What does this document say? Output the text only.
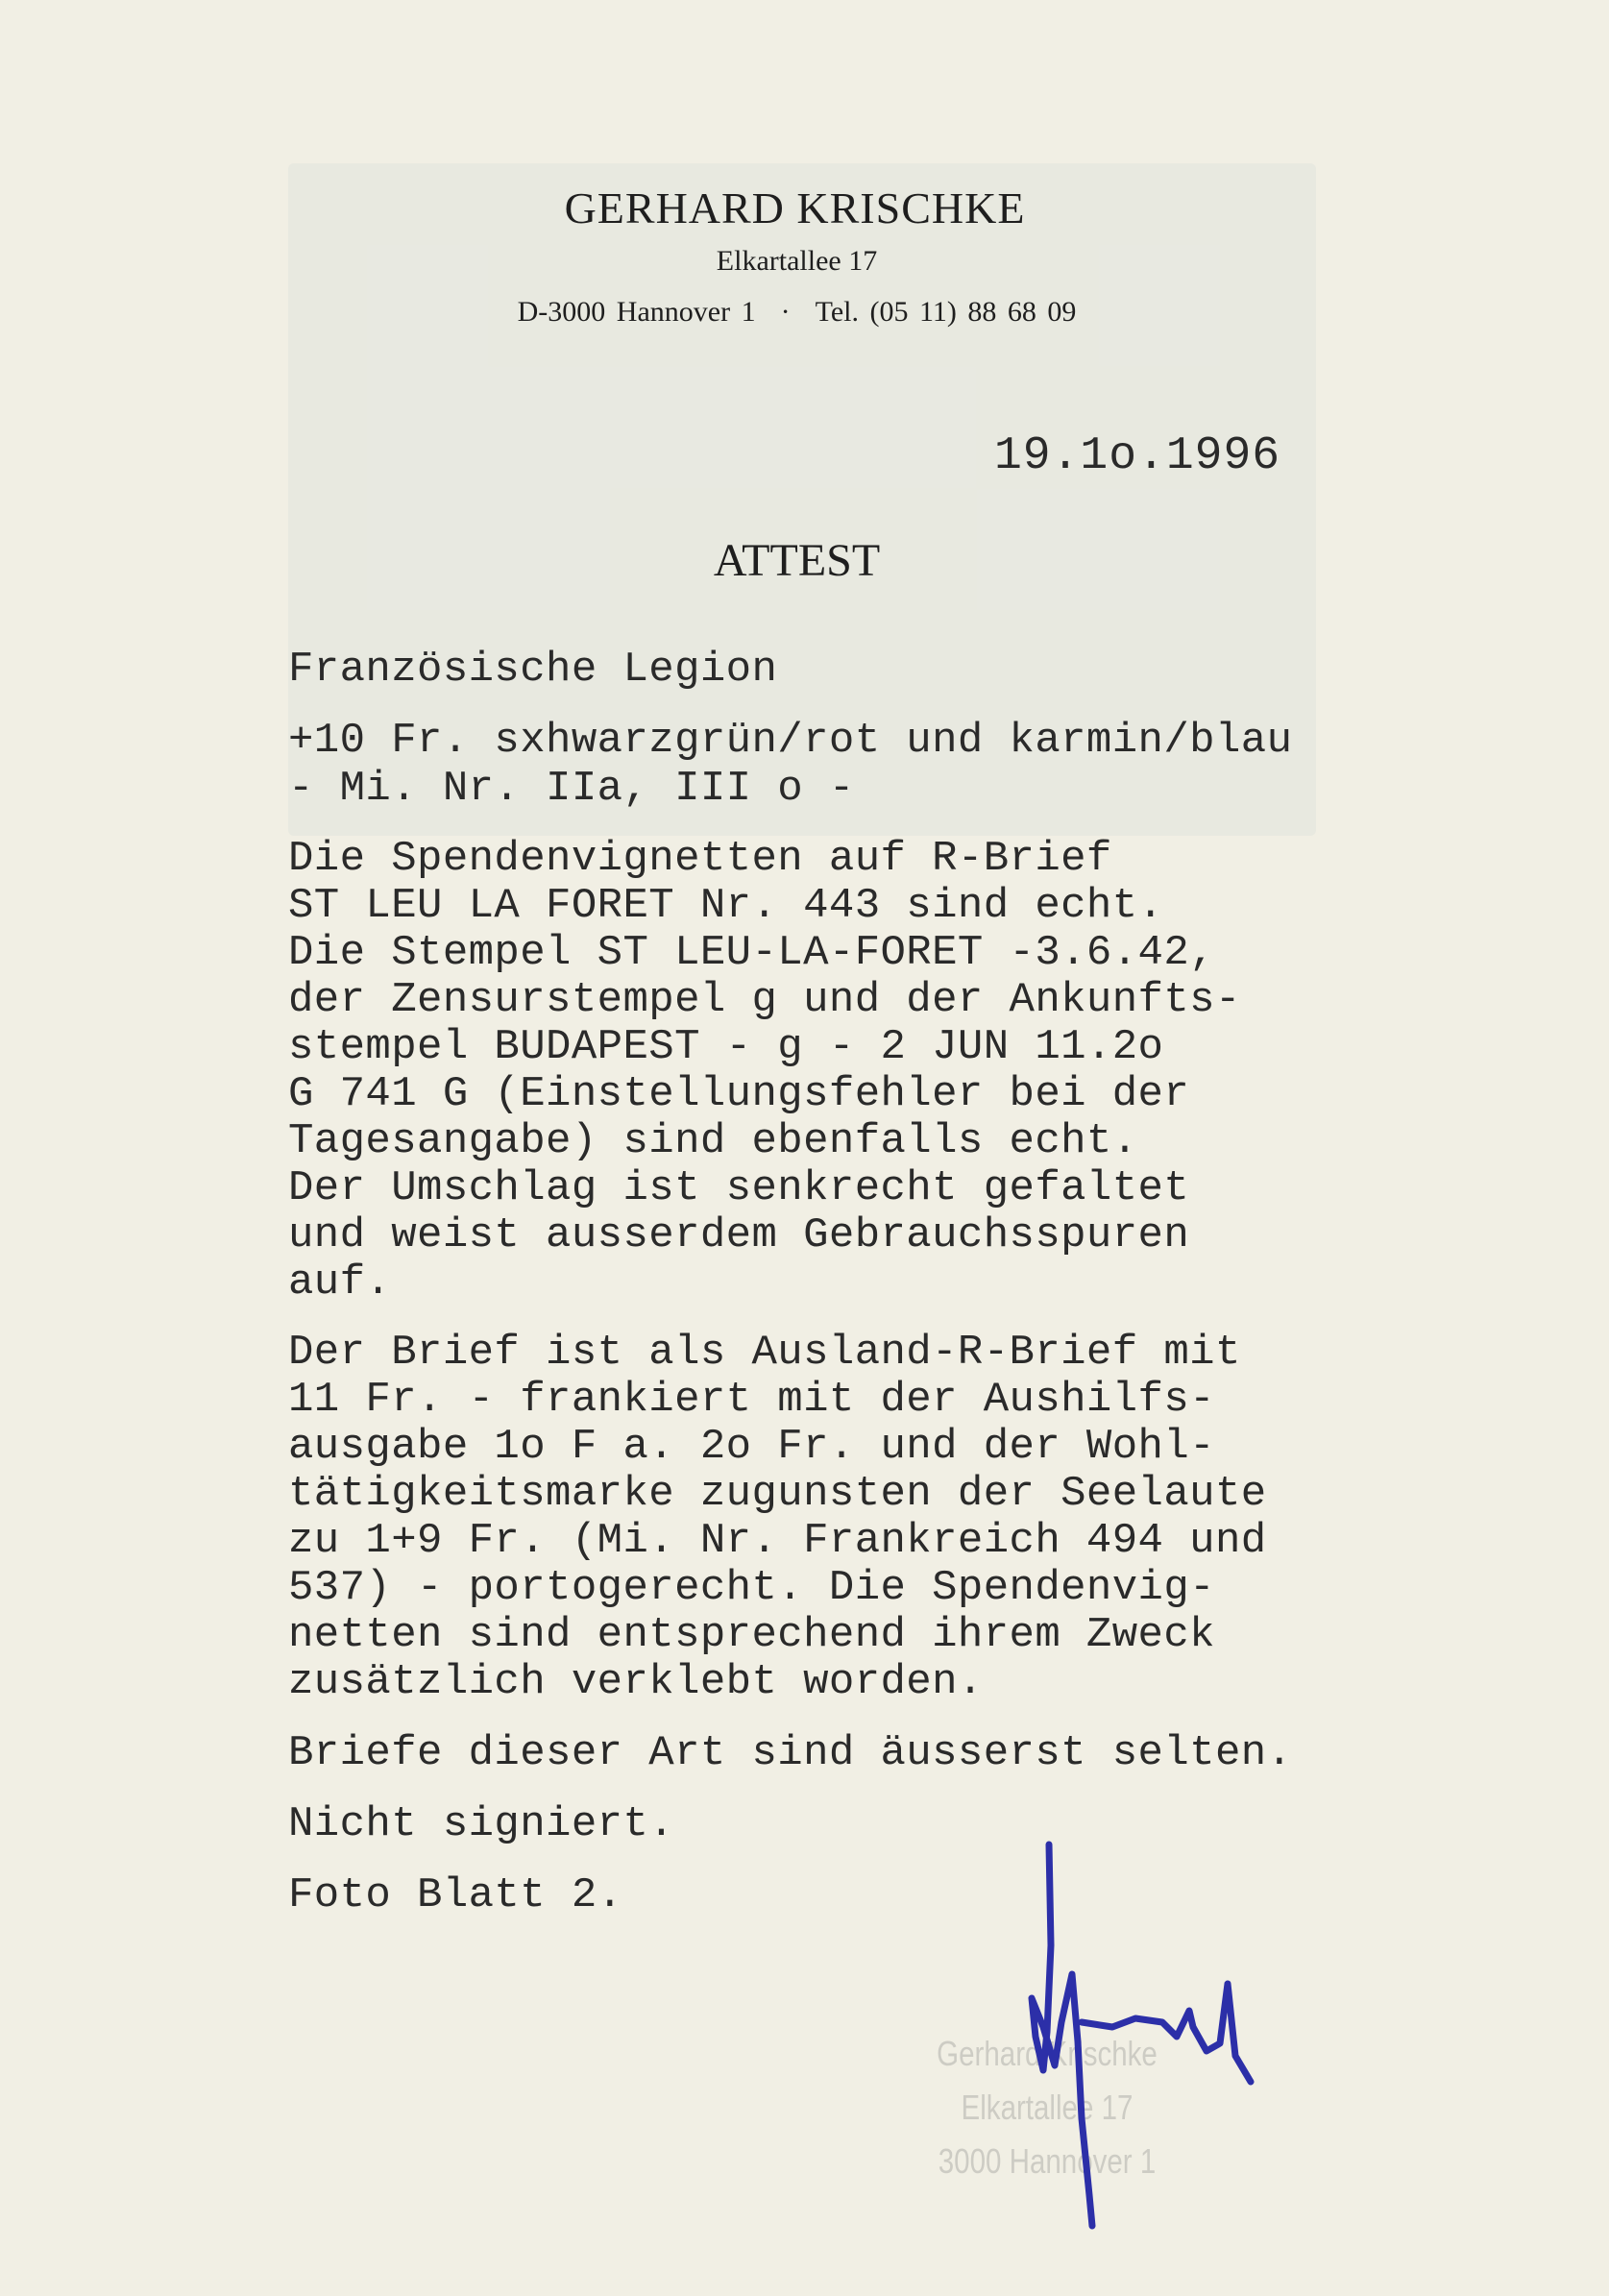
GERHARD KRISCHKE
Elkartallee 17
D-3000 Hannover 1 · Tel. (05 11) 88 68 09
19.1o.1996
ATTEST

Französische Legion

+10 Fr. sxhwarzgrün/rot und karmin/blau
- Mi. Nr. IIa, III o -

Die Spendenvignetten auf R-Brief
ST LEU LA FORET Nr. 443 sind echt.
Die Stempel ST LEU-LA-FORET -3.6.42,
der Zensurstempel g und der Ankunfts-
stempel BUDAPEST - g - 2 JUN 11.2o
G 741 G (Einstellungsfehler bei der
Tagesangabe) sind ebenfalls echt.
Der Umschlag ist senkrecht gefaltet
und weist ausserdem Gebrauchsspuren
auf.

Der Brief ist als Ausland-R-Brief mit
11 Fr. - frankiert mit der Aushilfs-
ausgabe 1o F a. 2o Fr. und der Wohl-
tätigkeitsmarke zugunsten der Seelaute
zu 1+9 Fr. (Mi. Nr. Frankreich 494 und
537) - portogerecht. Die Spendenvig-
netten sind entsprechend ihrem Zweck
zusätzlich verklebt worden.

Briefe dieser Art sind äusserst selten.

Nicht signiert.

Foto Blatt 2.

Gerhard Krischke
Elkartallee 17
3000 Hannover 1
